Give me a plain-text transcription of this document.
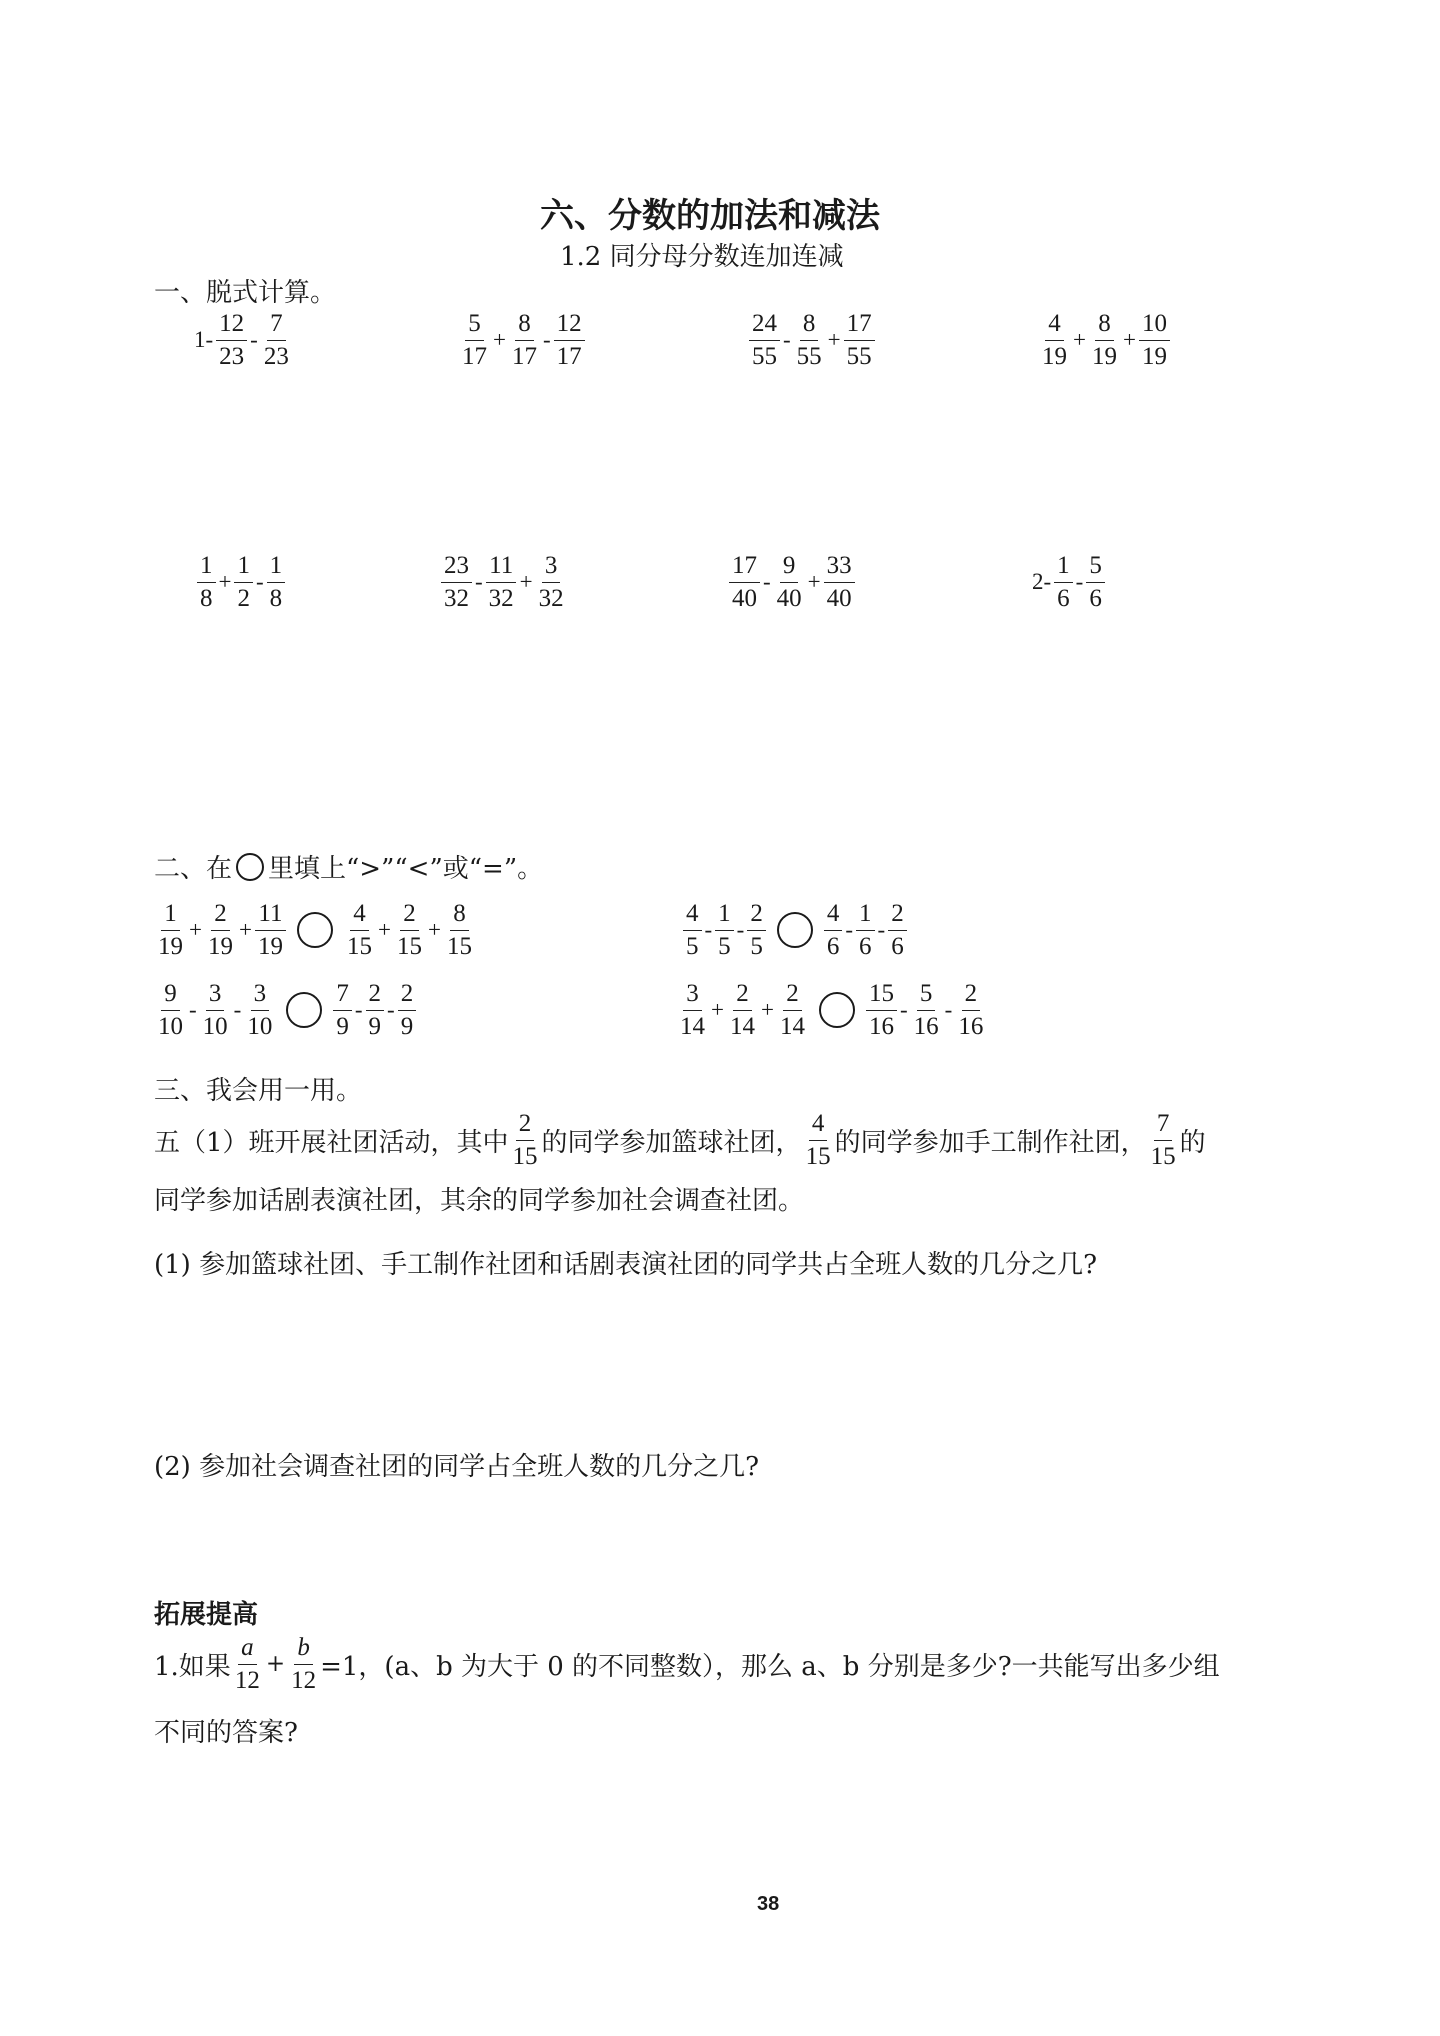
六、分数的加法和减法
1.2 同分母分数连加连减
一、脱式计算。
$1- \frac{12}{23} - \frac{7}{23}$	$\frac{5}{17} + \frac{8}{17} - \frac{12}{17}$	$\frac{24}{55} - \frac{8}{55} + \frac{17}{55}$	$\frac{4}{19} + \frac{8}{19} + \frac{10}{19}$
$\frac{1}{8} + \frac{1}{2} - \frac{1}{8}$	$\frac{23}{32} - \frac{11}{32} + \frac{3}{32}$	$\frac{17}{40} - \frac{9}{40} + \frac{33}{40}$	$2- \frac{1}{6} - \frac{5}{6}$
二、在 里填上“>”“<”或“=”。
$\frac{1}{19} + \frac{2}{19} + \frac{11}{19} \frac{4}{15} + \frac{2}{15} + \frac{8}{15}$	$\frac{4}{5} - \frac{1}{5} - \frac{2}{5} \frac{4}{6} - \frac{1}{6} - \frac{2}{6}$
$\frac{9}{10} - \frac{3}{10} - \frac{3}{10} \frac{7}{9} - \frac{2}{9} - \frac{2}{9}$	$\frac{3}{14} + \frac{2}{14} + \frac{2}{14} \frac{15}{16} - \frac{5}{16} - \frac{2}{16}$
三、我会用一用。
五（1）班开展社团活动，其中 $\frac{2}{15}$ 的同学参加篮球社团， $\frac{4}{15}$ 的同学参加手工制作社团， $\frac{7}{15}$ 的
同学参加话剧表演社团，其余的同学参加社会调查社团。
(1) 参加篮球社团、手工制作社团和话剧表演社团的同学共占全班人数的几分之几?
(2) 参加社会调查社团的同学占全班人数的几分之几?
拓展提高
1.如果 $\frac{a}{12} + \frac{b}{12} =1$，(a、b 为大于 0 的不同整数），那么 a、b 分别是多少?一共能写出多少组
不同的答案?
38
